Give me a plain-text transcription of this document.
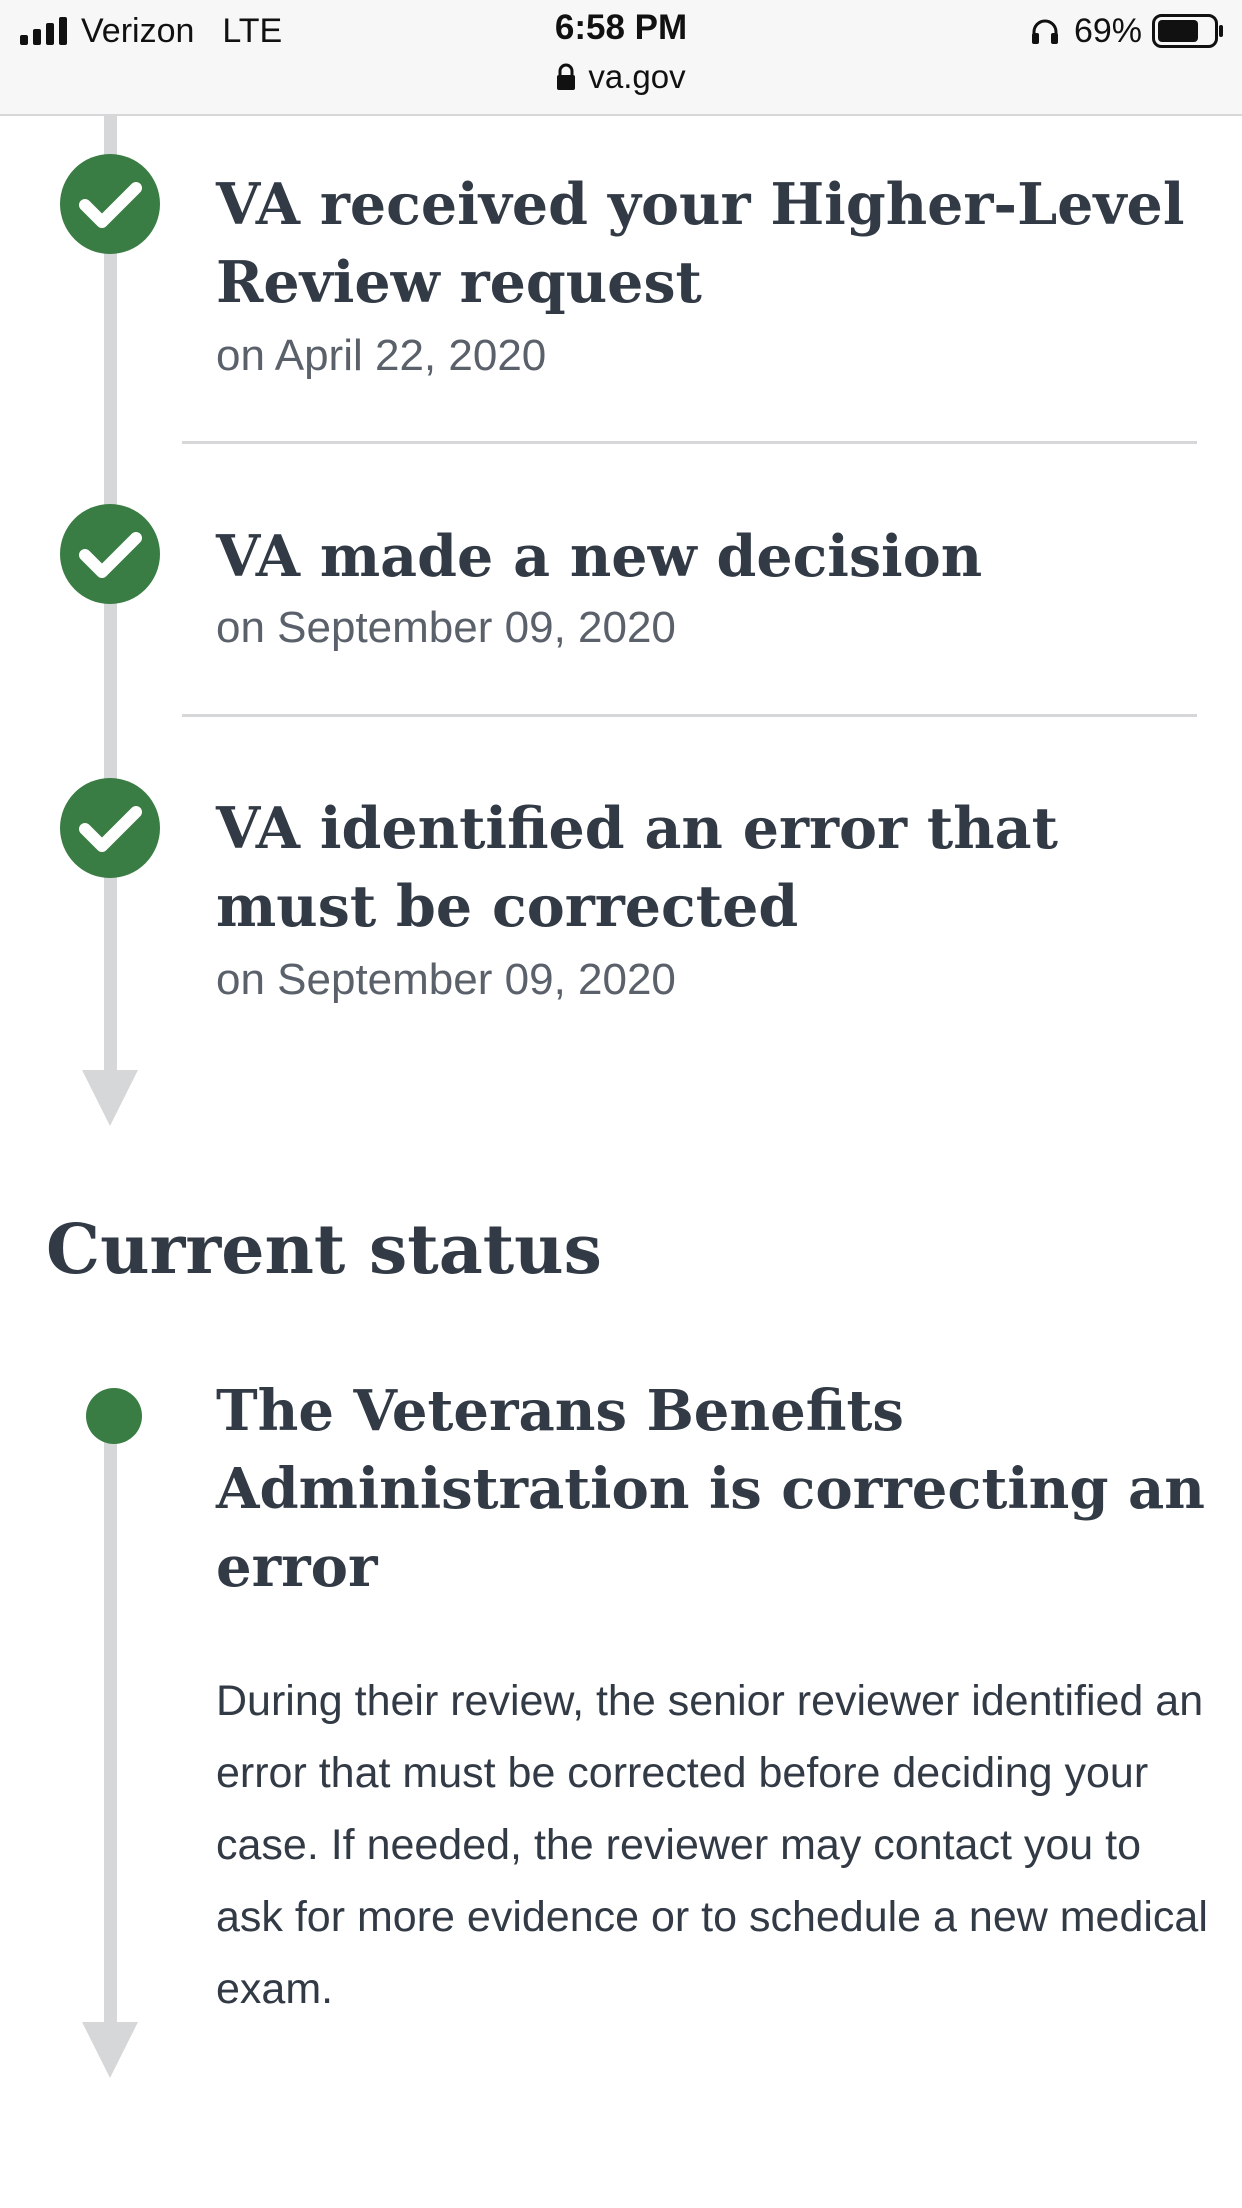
Verizon LTE	6:58 PM
va.gov
69%
VA received your Higher-Level Review request
on April 22, 2020
VA made a new decision
on September 09, 2020
VA identified an error that must be corrected
on September 09, 2020
Current status
The Veterans Benefits Administration is correcting an error

During their review, the senior reviewer identified an error that must be corrected before deciding your case. If needed, the reviewer may contact you to ask for more evidence or to schedule a new medical exam.
